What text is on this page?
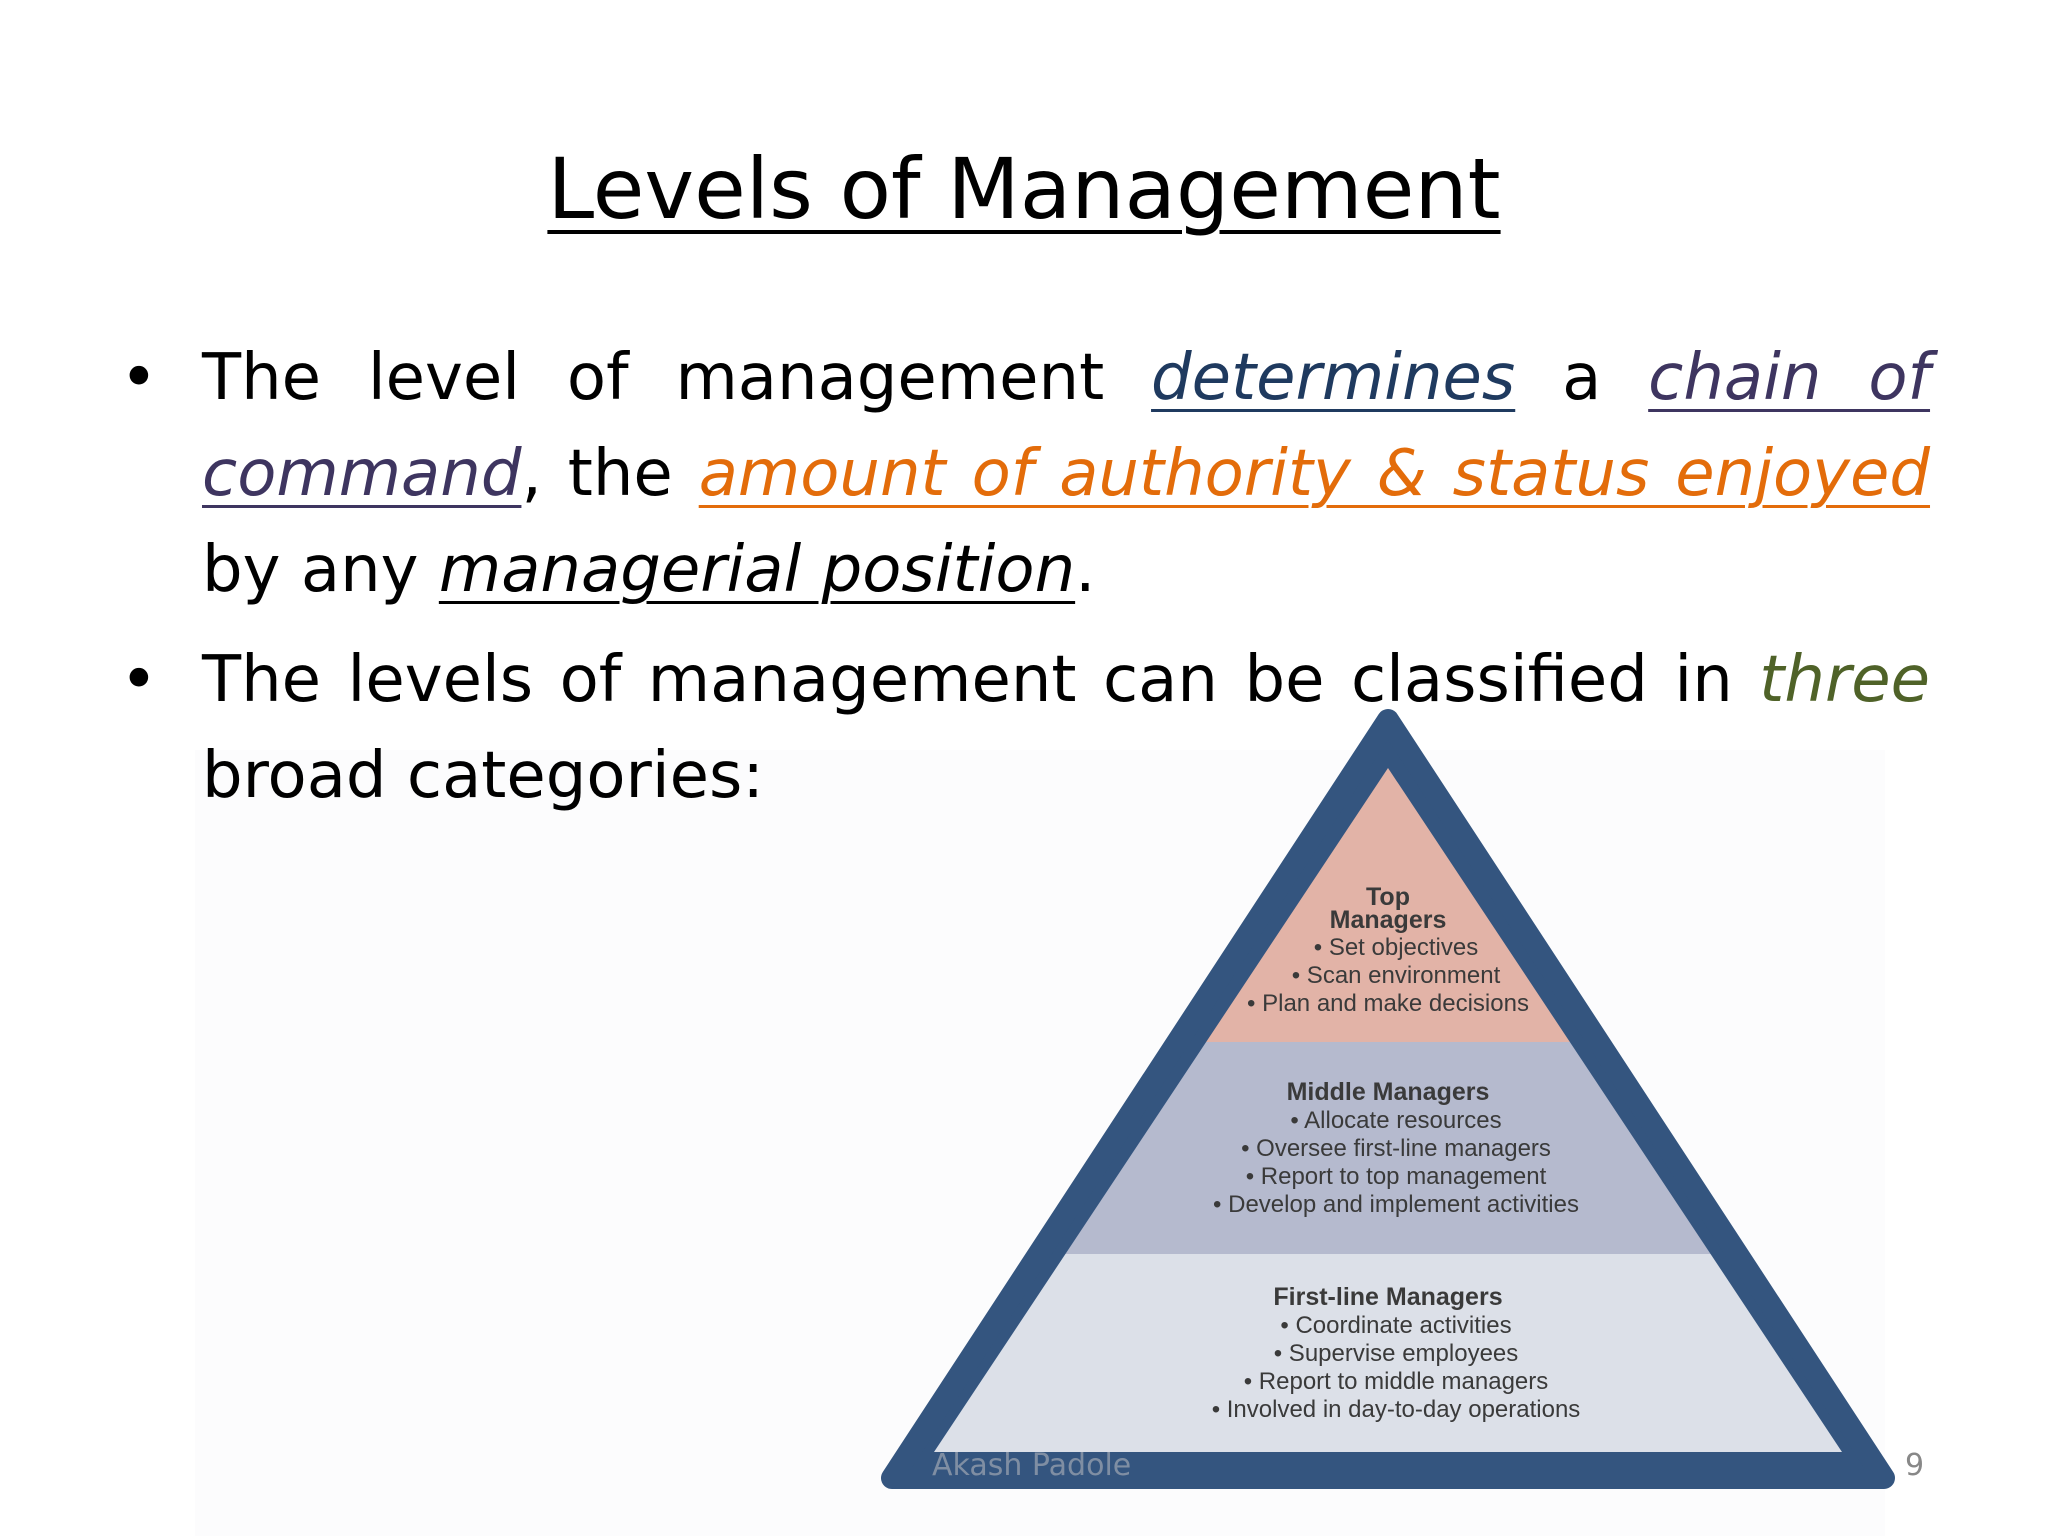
Levels of Management
• The level of management determines a chain of command, the amount of authority & status enjoyed by any managerial position.
• The levels of management can be classified in three broad categories:
Top
Managers
• Set objectives
• Scan environment
• Plan and make decisions
Middle Managers
• Allocate resources
• Oversee first-line managers
• Report to top management
• Develop and implement activities
First-line Managers
• Coordinate activities
• Supervise employees
• Report to middle managers
• Involved in day-to-day operations
Akash Padole	9
